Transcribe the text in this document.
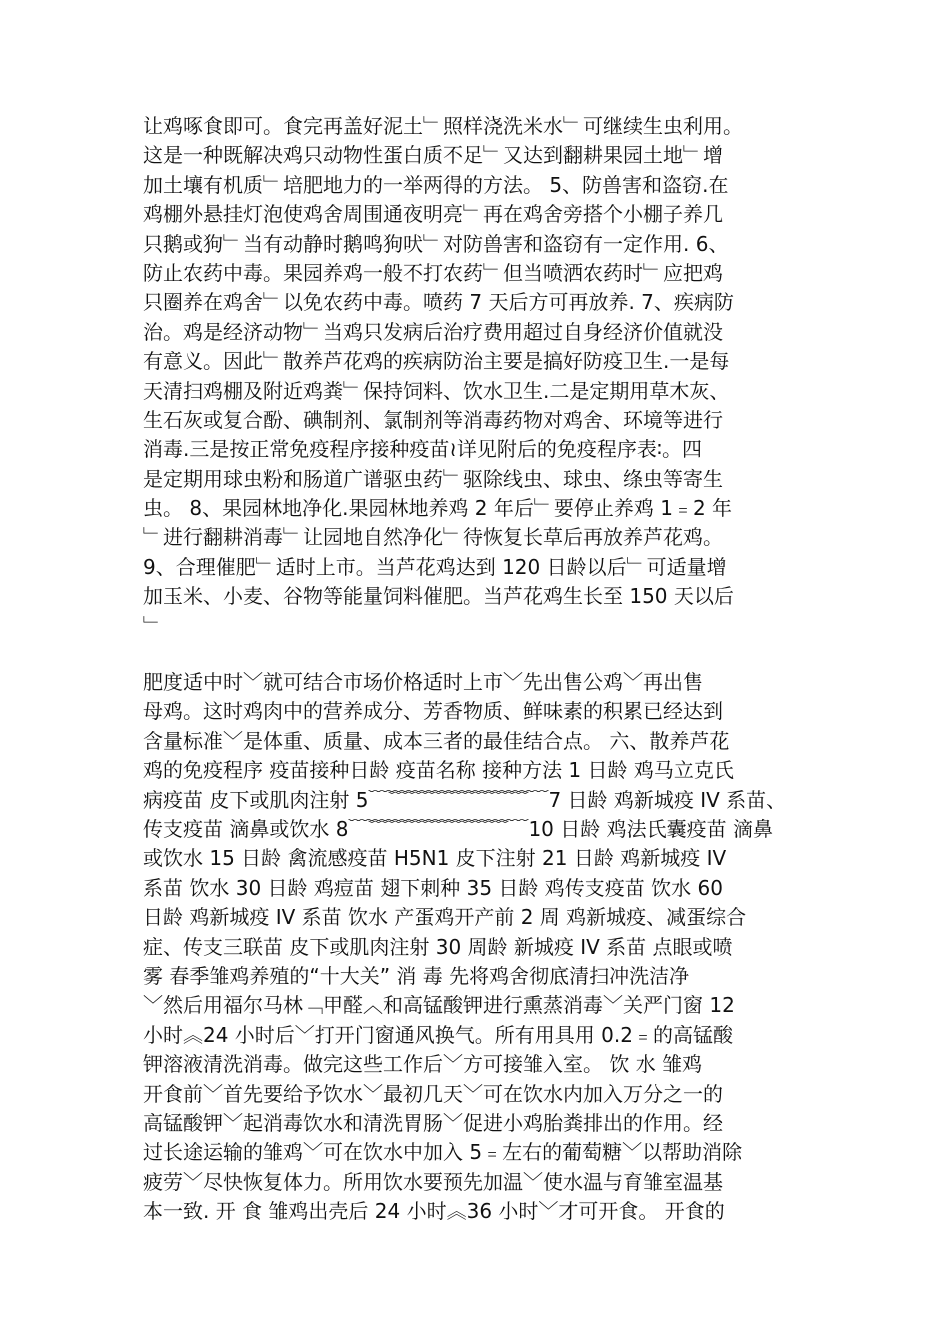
让鸡啄食即可。食完再盖好泥土﹂照样浇洗米水﹂可继续生虫利用。
这是一种既解决鸡只动物性蛋白质不足﹂又达到翻耕果园土地﹂增
加土壤有机质﹂培肥地力的一举两得的方法。 5、防兽害和盗窃.在
鸡棚外悬挂灯泡使鸡舍周围通夜明亮﹂再在鸡舍旁搭个小棚子养几
只鹅或狗﹂当有动静时鹅鸣狗吠﹂对防兽害和盗窃有一定作用. 6、
防止农药中毒。果园养鸡一般不打农药﹂但当喷洒农药时﹂应把鸡
只圈养在鸡舍﹂以免农药中毒。喷药 7 天后方可再放养. 7、疾病防
治。鸡是经济动物﹂当鸡只发病后治疗费用超过自身经济价值就没
有意义。因此﹂散养芦花鸡的疾病防治主要是搞好防疫卫生.一是每
天清扫鸡棚及附近鸡粪﹂保持饲料、饮水卫生.二是定期用草木灰、
生石灰或复合酚、碘制剂、氯制剂等消毒药物对鸡舍、环境等进行
消毒.三是按正常免疫程序接种疫苗≀详见附后的免疫程序表∶。四
是定期用球虫粉和肠道广谱驱虫药﹂驱除线虫、球虫、绦虫等寄生
虫。 8、果园林地净化.果园林地养鸡 2 年后﹂要停止养鸡 1﹦2 年
﹂进行翻耕消毒﹂让园地自然净化﹂待恢复长草后再放养芦花鸡。
9、合理催肥﹂适时上市。当芦花鸡达到 120 日龄以后﹂可适量增
加玉米、小麦、谷物等能量饲料催肥。当芦花鸡生长至 150 天以后
﹂
肥度适中时﹀就可结合市场价格适时上市﹀先出售公鸡﹀再出售
母鸡。这时鸡肉中的营养成分、芳香物质、鲜味素的积累已经达到
含量标准﹀是体重、质量、成本三者的最佳结合点。 六、散养芦花
鸡的免疫程序 疫苗接种日龄 疫苗名称 接种方法 1 日龄 鸡马立克氏
病疫苗 皮下或肌肉注射 5﹋﹌﹌﹌﹌﹌﹌﹌﹋7 日龄 鸡新城疫 IV 系苗、
传支疫苗 滴鼻或饮水 8﹋﹌﹌﹌﹌﹌﹌﹌﹋10 日龄 鸡法氏囊疫苗 滴鼻
或饮水 15 日龄 禽流感疫苗 H5N1 皮下注射 21 日龄 鸡新城疫 IV
系苗 饮水 30 日龄 鸡痘苗 翅下刺种 35 日龄 鸡传支疫苗 饮水 60
日龄 鸡新城疫 IV 系苗 饮水 产蛋鸡开产前 2 周 鸡新城疫、减蛋综合
症、传支三联苗 皮下或肌肉注射 30 周龄 新城疫 IV 系苗 点眼或喷
雾 春季雏鸡养殖的“十大关” 消 毒 先将鸡舍彻底清扫冲洗洁净
﹀然后用福尔马林﹁甲醛︿和高锰酸钾进行熏蒸消毒﹀关严门窗 12
小时︽24 小时后﹀打开门窗通风换气。所有用具用 0.2﹦的高锰酸
钾溶液清洗消毒。做完这些工作后﹀方可接雏入室。 饮 水 雏鸡
开食前﹀首先要给予饮水﹀最初几天﹀可在饮水内加入万分之一的
高锰酸钾﹀起消毒饮水和清洗胃肠﹀促进小鸡胎粪排出的作用。经
过长途运输的雏鸡﹀可在饮水中加入 5﹦左右的葡萄糖﹀以帮助消除
疲劳﹀尽快恢复体力。所用饮水要预先加温﹀使水温与育雏室温基
本一致. 开 食 雏鸡出壳后 24 小时︽36 小时﹀才可开食。 开食的
